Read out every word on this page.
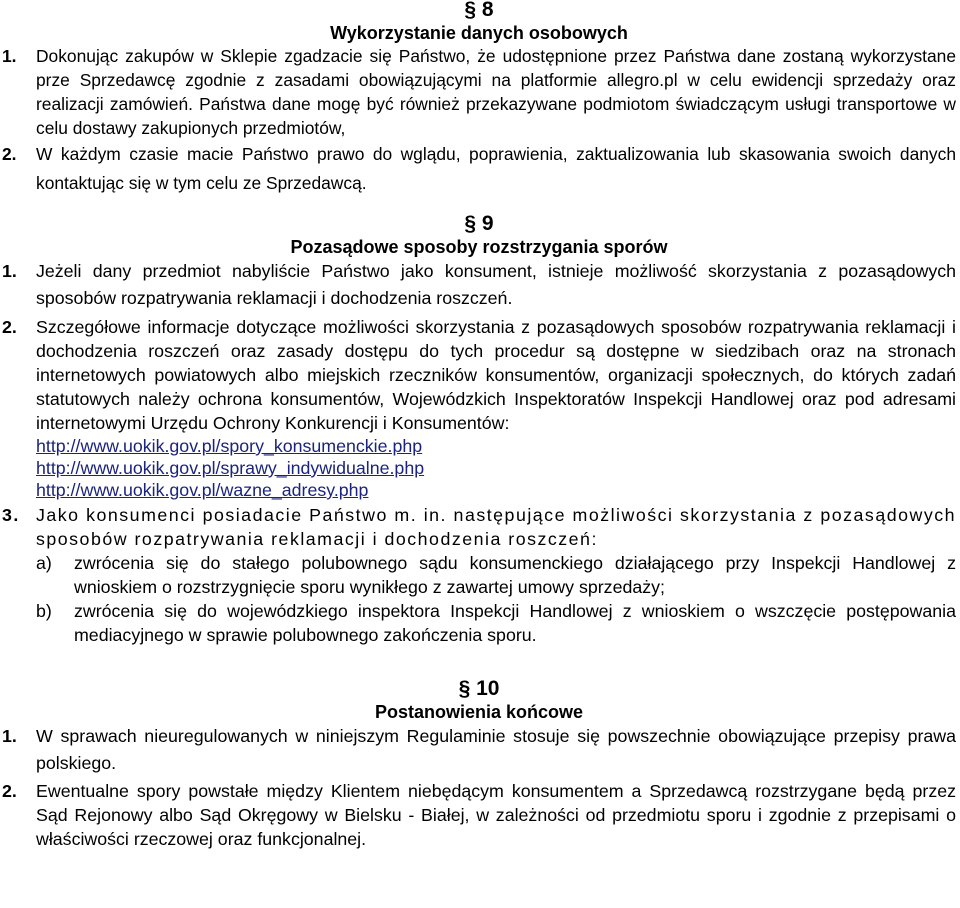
§ 8
Wykorzystanie danych osobowych
1.	Dokonując zakupów w Sklepie zgadzacie się Państwo, że udostępnione przez Państwa dane zostaną wykorzystane prze Sprzedawcę zgodnie z zasadami obowiązującymi na platformie allegro.pl w celu ewidencji sprzedaży oraz realizacji zamówień. Państwa dane mogę być również przekazywane podmiotom świadczącym usługi transportowe w celu dostawy zakupionych przedmiotów,
2.	W każdym czasie macie Państwo prawo do wglądu, poprawienia, zaktualizowania lub skasowania swoich danych kontaktując się w tym celu ze Sprzedawcą.
§ 9
Pozasądowe sposoby rozstrzygania sporów
1.	Jeżeli dany przedmiot nabyliście Państwo jako konsument, istnieje możliwość skorzystania z pozasądowych sposobów rozpatrywania reklamacji i dochodzenia roszczeń.
2.	Szczegółowe informacje dotyczące możliwości skorzystania z pozasądowych sposobów rozpatrywania reklamacji i dochodzenia roszczeń oraz zasady dostępu do tych procedur są dostępne w siedzibach oraz na stronach internetowych powiatowych albo miejskich rzeczników konsumentów, organizacji społecznych, do których zadań statutowych należy ochrona konsumentów, Wojewódzkich Inspektoratów Inspekcji Handlowej oraz pod adresami internetowymi Urzędu Ochrony Konkurencji i Konsumentów:
http://www.uokik.gov.pl/spory_konsumenckie.php
http://www.uokik.gov.pl/sprawy_indywidualne.php
http://www.uokik.gov.pl/wazne_adresy.php
3. Jako konsumenci posiadacie Państwo m. in. następujące możliwości skorzystania z pozasądowych sposobów rozpatrywania reklamacji i dochodzenia roszczeń:
a)	zwrócenia się do stałego polubownego sądu konsumenckiego działającego przy Inspekcji Handlowej z wnioskiem o rozstrzygnięcie sporu wynikłego z zawartej umowy sprzedaży;
b)	zwrócenia się do wojewódzkiego inspektora Inspekcji Handlowej z wnioskiem o wszczęcie postępowania mediacyjnego w sprawie polubownego zakończenia sporu.
§ 10
Postanowienia końcowe
1.	W sprawach nieuregulowanych w niniejszym Regulaminie stosuje się powszechnie obowiązujące przepisy prawa polskiego.
2.	Ewentualne spory powstałe między Klientem niebędącym konsumentem a Sprzedawcą rozstrzygane będą przez Sąd Rejonowy albo Sąd Okręgowy w Bielsku - Białej, w zależności od przedmiotu sporu i zgodnie z przepisami o właściwości rzeczowej oraz funkcjonalnej.
